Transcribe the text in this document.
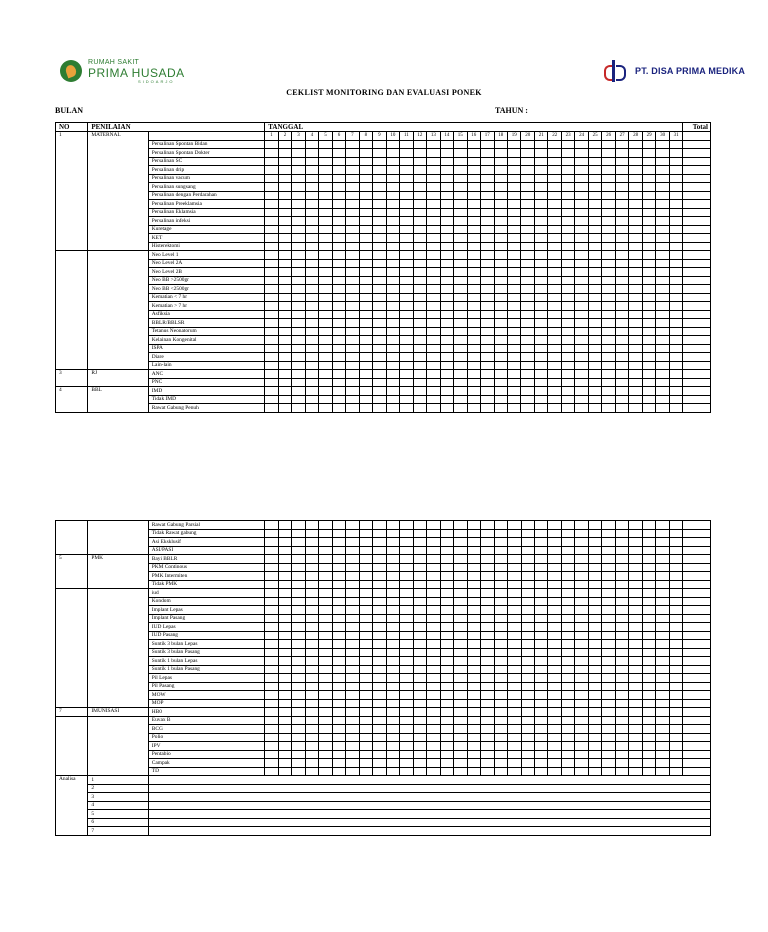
RUMAH SAKIT
PRIMA HUSADA
SIDOARJO
PT. DISA PRIMA MEDIKA
CEKLIST MONITORING DAN EVALUASI PONEK
BULAN	TAHUN :
NO	PENILAIAN		TANGGAL																															Total
1	MATERNAL		1	2	3	4	5	6	7	8	9	10	11	12	13	14	15	16	17	18	19	20	21	22	23	24	25	26	27	28	29	30	31	
		Persalinan Spontan Bidan																																
		Persalinan Spontan Dokter																																
		Persalinan SC																																
		Persalinan drip																																
		Persalinan vacum																																
		Persalinan sungsang																																
		Persalinan dengan Perdarahan																																
		Persalinan Preeklamsia																																
		Persalinan Eklamsia																																
		Persalinan infeksi																																
		Kuretage																																
		KET																																
		Histerektomi																																
		Neo Level 1																																
		Neo Level 2A																																
		Neo Level 2B																																
		Neo BB >2500gr																																
		Neo BB <2500gr																																
		Kematian < 7 hr																																
		Kematian > 7 hr																																
		Asfiksia																																
		BBLR/BBLSR																																
		Tetanus Neonatorum																																
		Kelainan Kongenital																																
		ISPA																																
		Diare																																
		Lain-lain																																
3	RJ	ANC																																
		PNC																																
4	BBL	IMD																																
		Tidak IMD																																
		Rawat Gabung Penuh																																
		Rawat Gabung Parsial																																
		Tidak Rawat gabung																																
		Asi Eksklusif																																
		ASI/PASI																																
5	PMK	Bayi BBLR																																
		PKM Continous																																
		PMK Intermiten																																
		Tidak PMK																																
		iud																																
		Kondom																																
		Implant Lepas																																
		Implant Pasang																																
		IUD Lepas																																
		IUD Pasang																																
		Suntik 3 bulan Lepas																																
		Suntik 3 bulan Pasang																																
		Suntik 1 bulan Lepas																																
		Suntik 1 bulan Pasang																																
		Pil Lepas																																
		Pil Pasang																																
		MOW																																
		MOP																																
7	IMUNISASI	HB0																																
		Euvax B																																
		BCG																																
		Polio																																
		IPV																																
		Pentabio																																
		Campak																																
		TD																																
Analisa	1																																	
	2																																	
	3																																	
	4																																	
	5																																	
	6																																	
	7																																	
